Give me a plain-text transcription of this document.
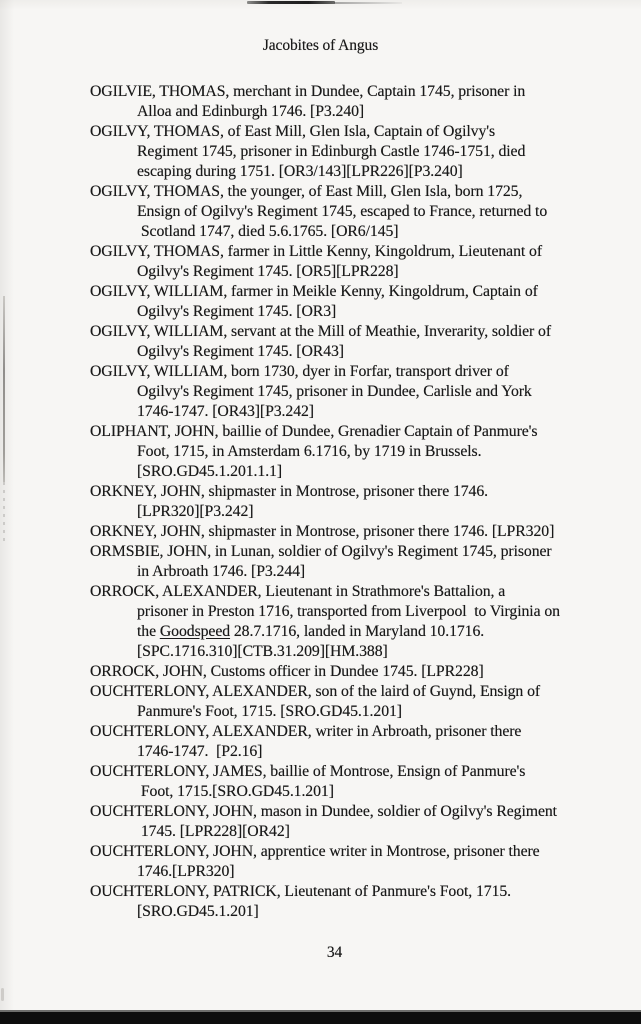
Jacobites of Angus
OGILVIE, THOMAS, merchant in Dundee, Captain 1745, prisoner in
Alloa and Edinburgh 1746. [P3.240]
OGILVY, THOMAS, of East Mill, Glen Isla, Captain of Ogilvy's
Regiment 1745, prisoner in Edinburgh Castle 1746-1751, died
escaping during 1751. [OR3/143][LPR226][P3.240]
OGILVY, THOMAS, the younger, of East Mill, Glen Isla, born 1725,
Ensign of Ogilvy's Regiment 1745, escaped to France, returned to
Scotland 1747, died 5.6.1765. [OR6/145]
OGILVY, THOMAS, farmer in Little Kenny, Kingoldrum, Lieutenant of
Ogilvy's Regiment 1745. [OR5][LPR228]
OGILVY, WILLIAM, farmer in Meikle Kenny, Kingoldrum, Captain of
Ogilvy's Regiment 1745. [OR3]
OGILVY, WILLIAM, servant at the Mill of Meathie, Inverarity, soldier of
Ogilvy's Regiment 1745. [OR43]
OGILVY, WILLIAM, born 1730, dyer in Forfar, transport driver of
Ogilvy's Regiment 1745, prisoner in Dundee, Carlisle and York
1746-1747. [OR43][P3.242]
OLIPHANT, JOHN, baillie of Dundee, Grenadier Captain of Panmure's
Foot, 1715, in Amsterdam 6.1716, by 1719 in Brussels.
[SRO.GD45.1.201.1.1]
ORKNEY, JOHN, shipmaster in Montrose, prisoner there 1746.
[LPR320][P3.242]
ORKNEY, JOHN, shipmaster in Montrose, prisoner there 1746. [LPR320]
ORMSBIE, JOHN, in Lunan, soldier of Ogilvy's Regiment 1745, prisoner
in Arbroath 1746. [P3.244]
ORROCK, ALEXANDER, Lieutenant in Strathmore's Battalion, a
prisoner in Preston 1716, transported from Liverpool  to Virginia on
the Goodspeed 28.7.1716, landed in Maryland 10.1716.
[SPC.1716.310][CTB.31.209][HM.388]
ORROCK, JOHN, Customs officer in Dundee 1745. [LPR228]
OUCHTERLONY, ALEXANDER, son of the laird of Guynd, Ensign of
Panmure's Foot, 1715. [SRO.GD45.1.201]
OUCHTERLONY, ALEXANDER, writer in Arbroath, prisoner there
1746-1747.  [P2.16]
OUCHTERLONY, JAMES, baillie of Montrose, Ensign of Panmure's
Foot, 1715.[SRO.GD45.1.201]
OUCHTERLONY, JOHN, mason in Dundee, soldier of Ogilvy's Regiment
1745. [LPR228][OR42]
OUCHTERLONY, JOHN, apprentice writer in Montrose, prisoner there
1746.[LPR320]
OUCHTERLONY, PATRICK, Lieutenant of Panmure's Foot, 1715.
[SRO.GD45.1.201]
34
